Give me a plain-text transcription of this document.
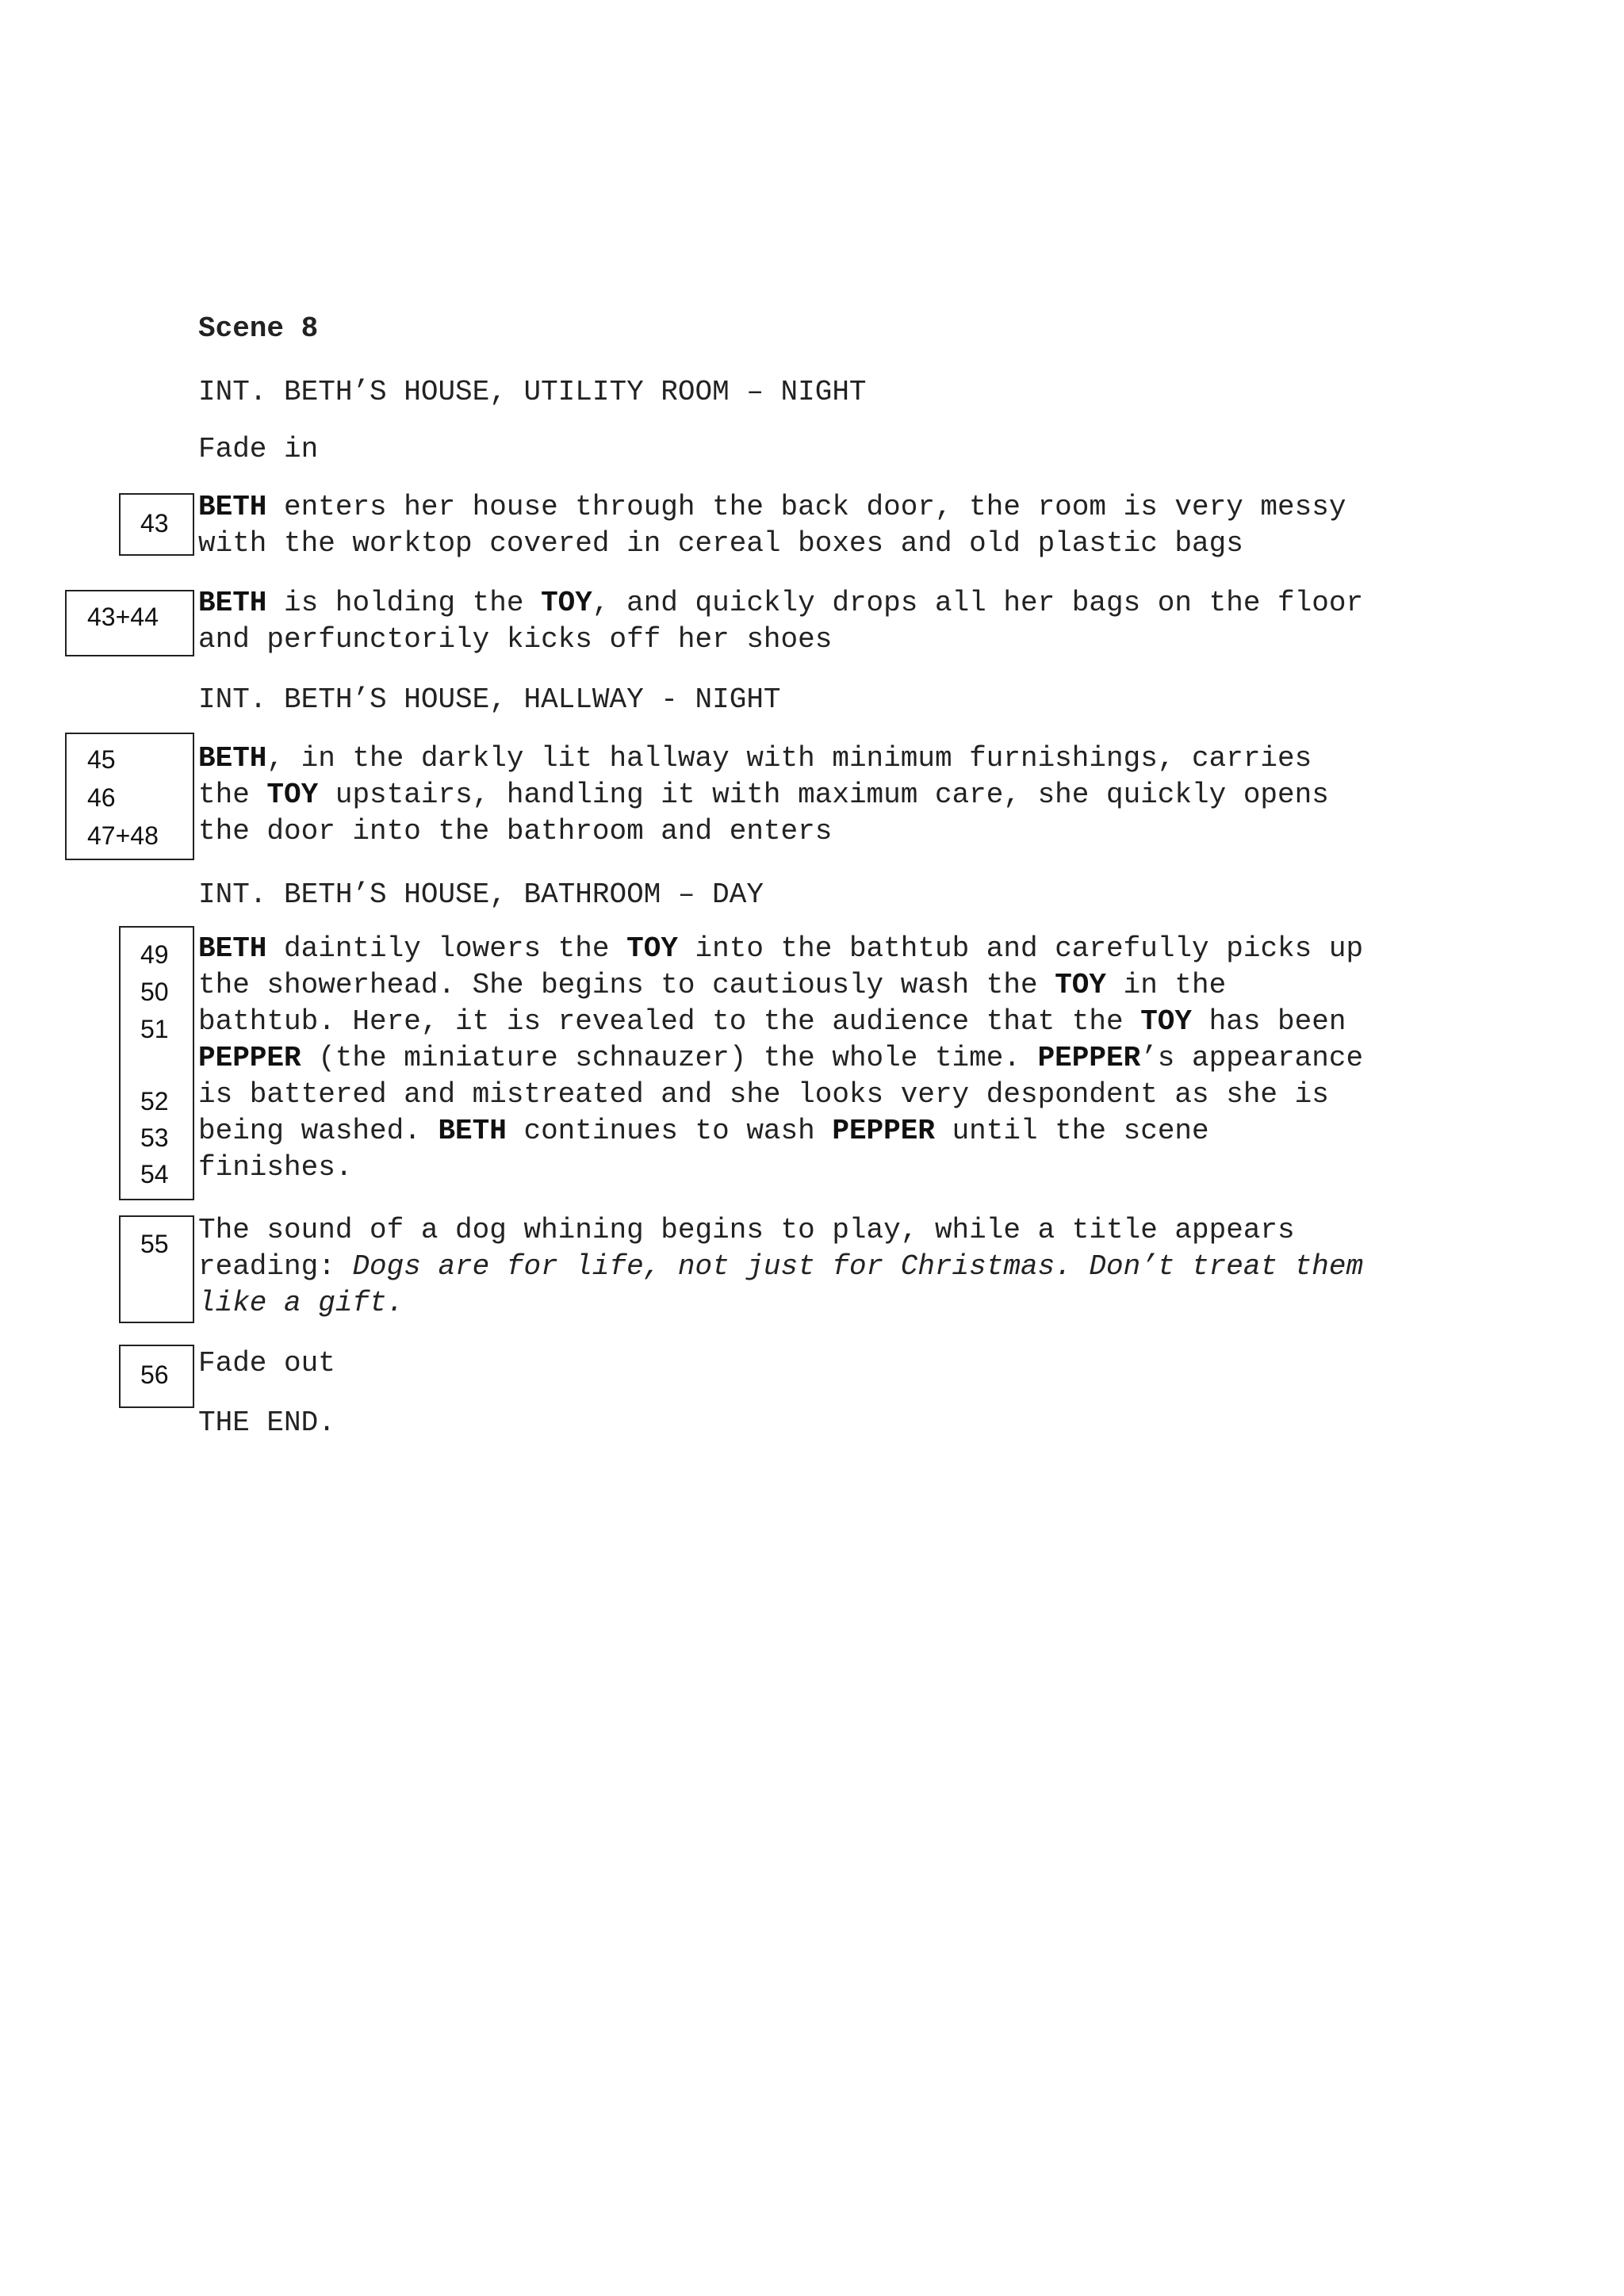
Scene 8
INT. BETH’S HOUSE, UTILITY ROOM – NIGHT
Fade in
43 BETH enters her house through the back door, the room is very messy
with the worktop covered in cereal boxes and old plastic bags
43+44 BETH is holding the TOY, and quickly drops all her bags on the floor
and perfunctorily kicks off her shoes
INT. BETH’S HOUSE, HALLWAY - NIGHT
45
46
47+48
BETH, in the darkly lit hallway with minimum furnishings, carries
the TOY upstairs, handling it with maximum care, she quickly opens
the door into the bathroom and enters
INT. BETH’S HOUSE, BATHROOM – DAY
49
50
51
52
53
54
BETH daintily lowers the TOY into the bathtub and carefully picks up
the showerhead. She begins to cautiously wash the TOY in the
bathtub. Here, it is revealed to the audience that the TOY has been
PEPPER (the miniature schnauzer) the whole time. PEPPER’s appearance
is battered and mistreated and she looks very despondent as she is
being washed. BETH continues to wash PEPPER until the scene
finishes.
55 The sound of a dog whining begins to play, while a title appears
reading: Dogs are for life, not just for Christmas. Don’t treat them
like a gift.
56 Fade out
THE END.
